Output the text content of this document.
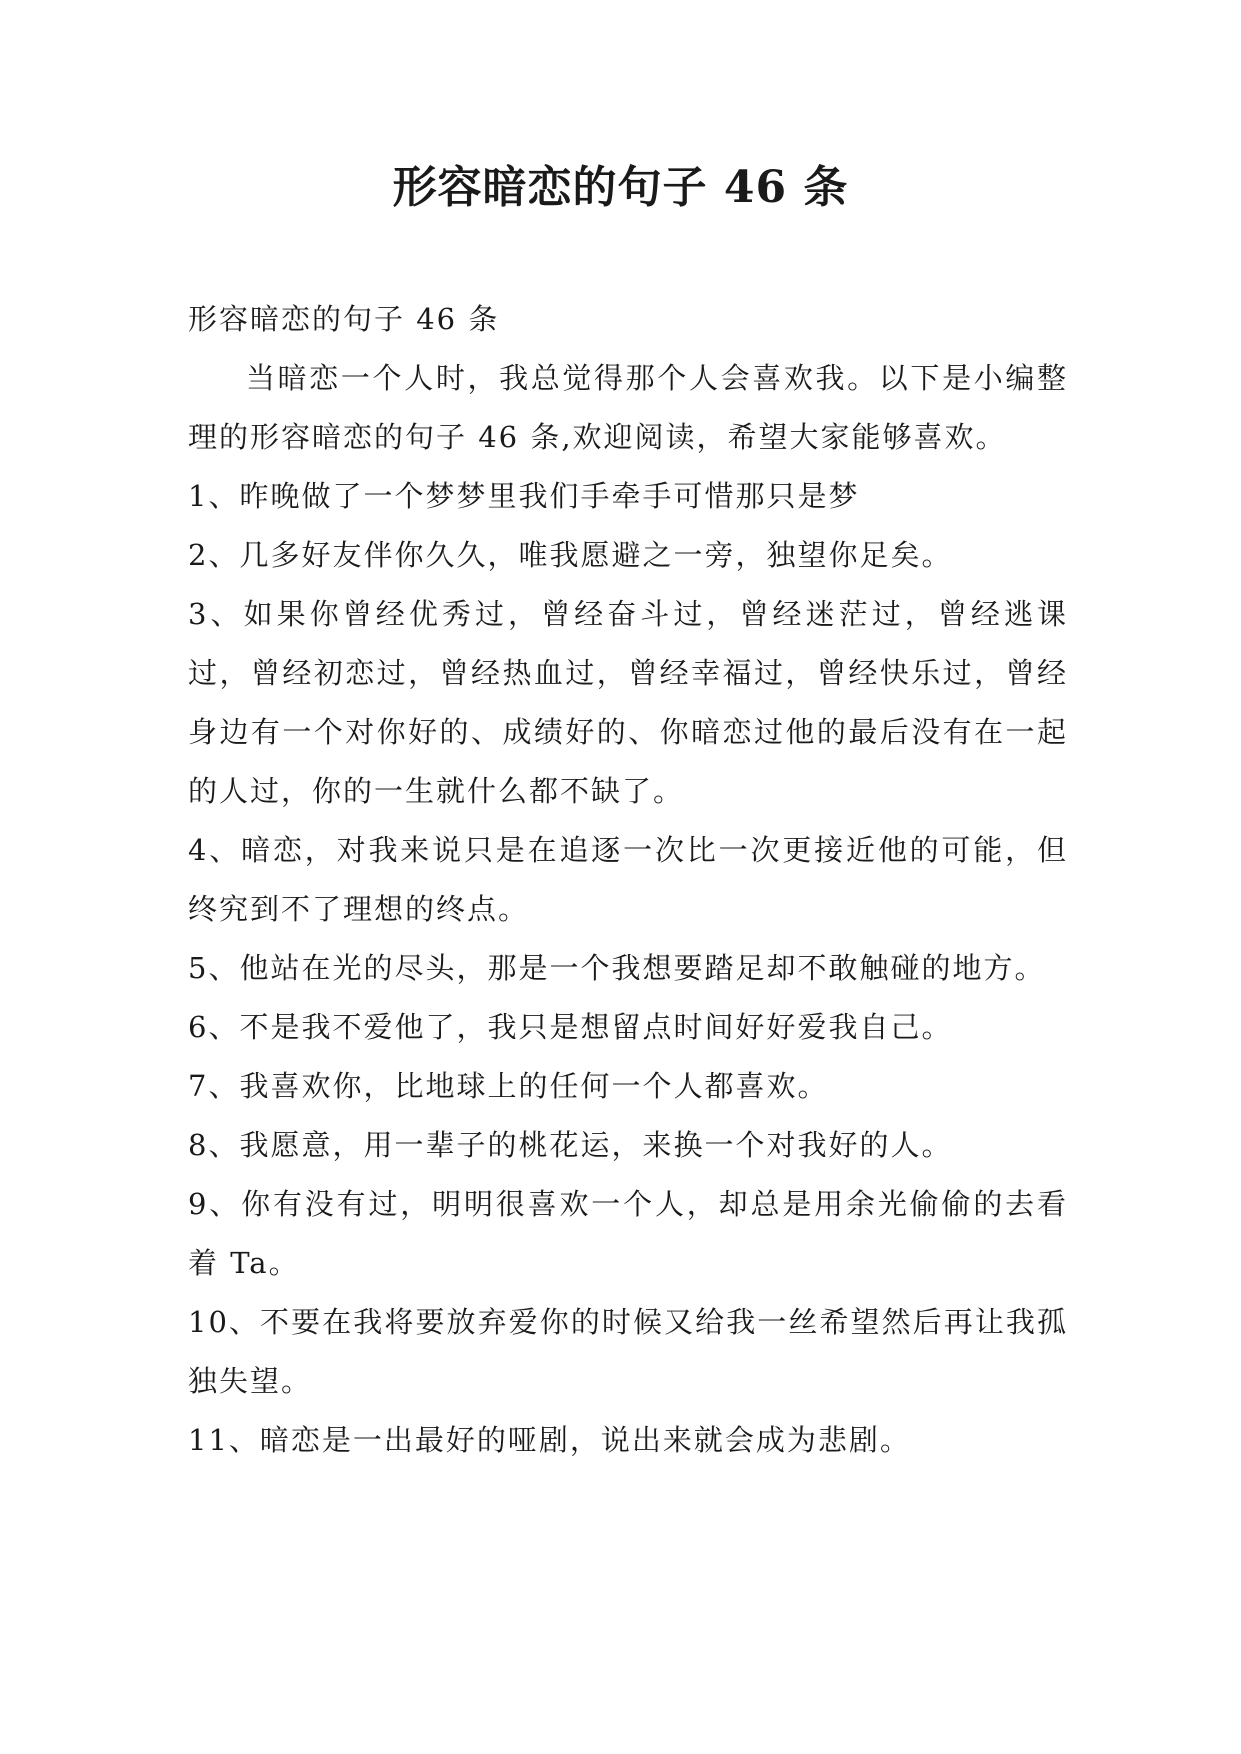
形容暗恋的句子 46 条

形容暗恋的句子 46 条

当暗恋一个人时，我总觉得那个人会喜欢我。以下是小编整理的形容暗恋的句子 46 条,欢迎阅读，希望大家能够喜欢。

1、昨晚做了一个梦梦里我们手牵手可惜那只是梦

2、几多好友伴你久久，唯我愿避之一旁，独望你足矣。

3、如果你曾经优秀过，曾经奋斗过，曾经迷茫过，曾经逃课过，曾经初恋过，曾经热血过，曾经幸福过，曾经快乐过，曾经身边有一个对你好的、成绩好的、你暗恋过他的最后没有在一起的人过，你的一生就什么都不缺了。

4、暗恋，对我来说只是在追逐一次比一次更接近他的可能，但终究到不了理想的终点。

5、他站在光的尽头，那是一个我想要踏足却不敢触碰的地方。

6、不是我不爱他了，我只是想留点时间好好爱我自己。

7、我喜欢你，比地球上的任何一个人都喜欢。

8、我愿意，用一辈子的桃花运，来换一个对我好的人。

9、你有没有过，明明很喜欢一个人，却总是用余光偷偷的去看着 Ta。

10、不要在我将要放弃爱你的时候又给我一丝希望然后再让我孤独失望。

11、暗恋是一出最好的哑剧，说出来就会成为悲剧。
